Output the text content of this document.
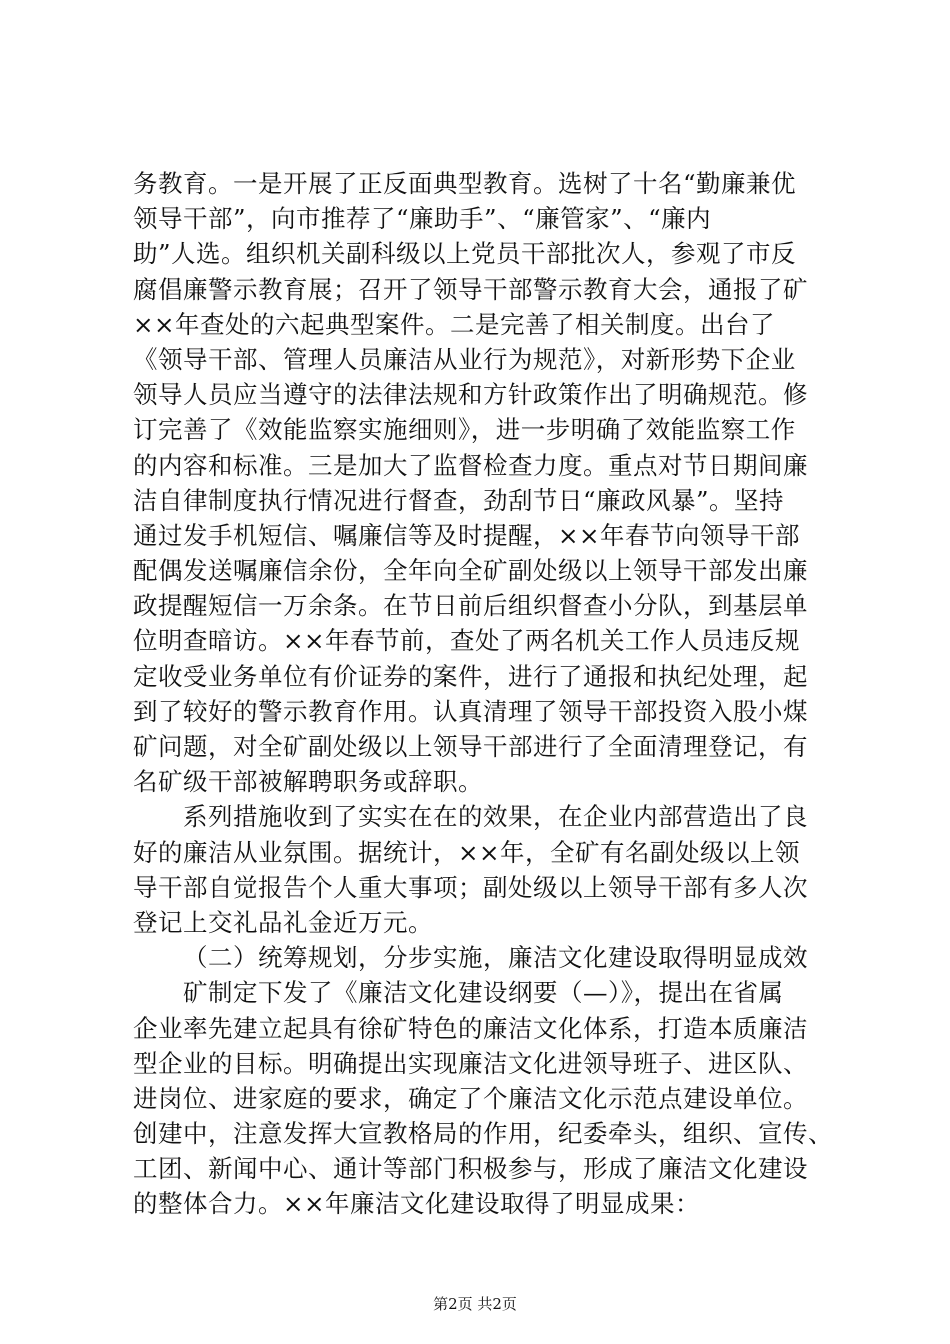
务教育。一是开展了正反面典型教育。选树了十名“勤廉兼优
领导干部”，向市推荐了“廉助手”、“廉管家”、“廉内
助”人选。组织机关副科级以上党员干部批次人，参观了市反
腐倡廉警示教育展；召开了领导干部警示教育大会，通报了矿
××年查处的六起典型案件。二是完善了相关制度。出台了
《领导干部、管理人员廉洁从业行为规范》，对新形势下企业
领导人员应当遵守的法律法规和方针政策作出了明确规范。修
订完善了《效能监察实施细则》，进一步明确了效能监察工作
的内容和标准。三是加大了监督检查力度。重点对节日期间廉
洁自律制度执行情况进行督查，劲刮节日“廉政风暴”。坚持
通过发手机短信、嘱廉信等及时提醒，××年春节向领导干部
配偶发送嘱廉信余份，全年向全矿副处级以上领导干部发出廉
政提醒短信一万余条。在节日前后组织督查小分队，到基层单
位明查暗访。××年春节前，查处了两名机关工作人员违反规
定收受业务单位有价证券的案件，进行了通报和执纪处理，起
到了较好的警示教育作用。认真清理了领导干部投资入股小煤
矿问题，对全矿副处级以上领导干部进行了全面清理登记，有
名矿级干部被解聘职务或辞职。
系列措施收到了实实在在的效果，在企业内部营造出了良
好的廉洁从业氛围。据统计，××年，全矿有名副处级以上领
导干部自觉报告个人重大事项；副处级以上领导干部有多人次
登记上交礼品礼金近万元。
（二）统筹规划，分步实施，廉洁文化建设取得明显成效
矿制定下发了《廉洁文化建设纲要（—）》，提出在省属
企业率先建立起具有徐矿特色的廉洁文化体系，打造本质廉洁
型企业的目标。明确提出实现廉洁文化进领导班子、进区队、
进岗位、进家庭的要求，确定了个廉洁文化示范点建设单位。
创建中，注意发挥大宣教格局的作用，纪委牵头，组织、宣传、
工团、新闻中心、通计等部门积极参与，形成了廉洁文化建设
的整体合力。××年廉洁文化建设取得了明显成果：
第2页 共2页
